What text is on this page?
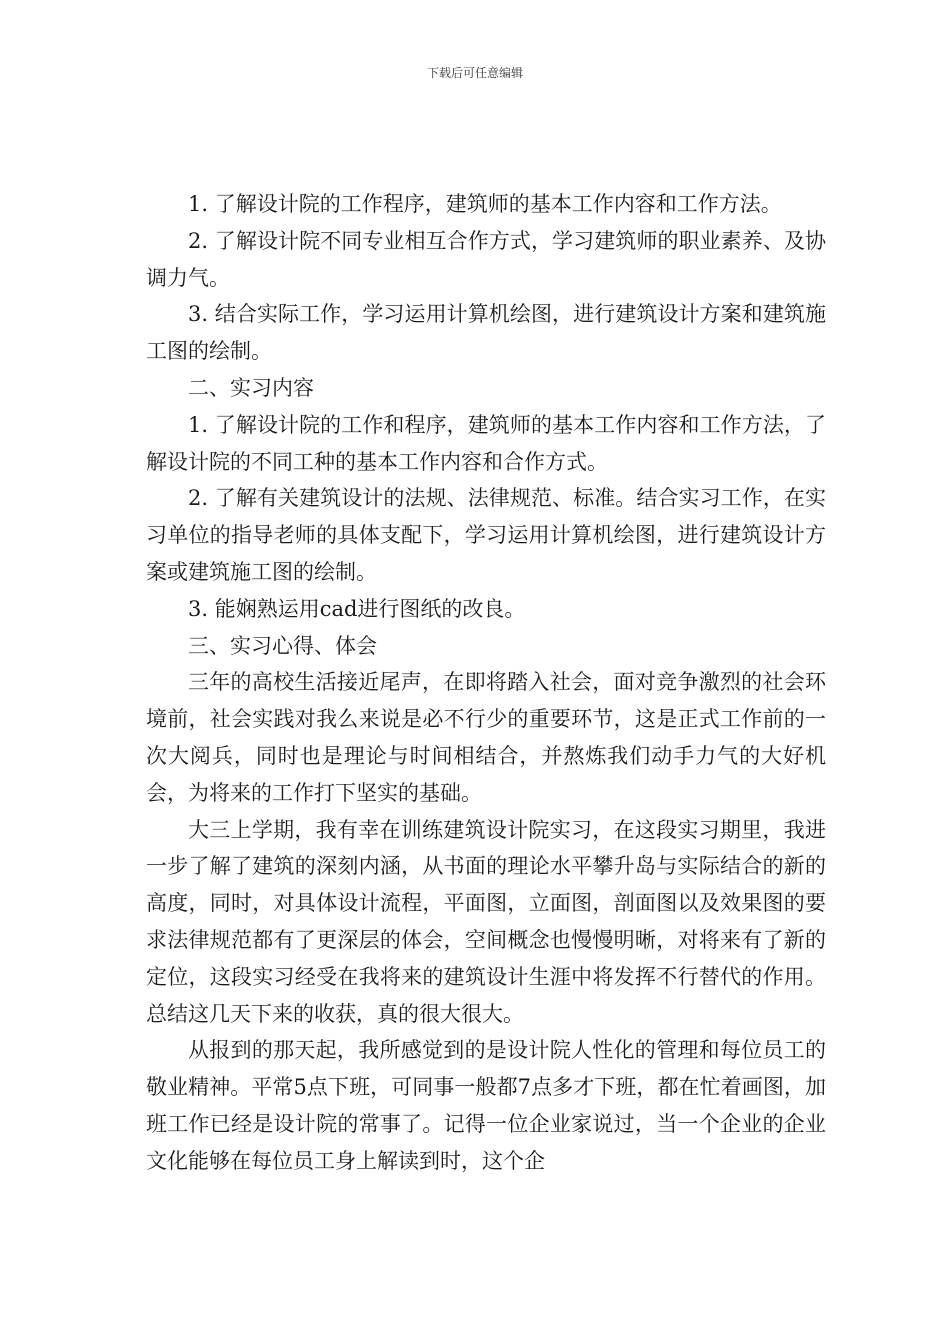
下载后可任意编辑

1. 了解设计院的工作程序，建筑师的基本工作内容和工作方法。

2. 了解设计院不同专业相互合作方式，学习建筑师的职业素养、及协调力气。

3. 结合实际工作，学习运用计算机绘图，进行建筑设计方案和建筑施工图的绘制。

二、实习内容

1. 了解设计院的工作和程序，建筑师的基本工作内容和工作方法，了解设计院的不同工种的基本工作内容和合作方式。

2. 了解有关建筑设计的法规、法律规范、标准。结合实习工作，在实习单位的指导老师的具体支配下，学习运用计算机绘图，进行建筑设计方案或建筑施工图的绘制。

3. 能娴熟运用cad进行图纸的改良。

三、实习心得、体会

三年的高校生活接近尾声，在即将踏入社会，面对竞争激烈的社会环境前，社会实践对我么来说是必不行少的重要环节，这是正式工作前的一次大阅兵，同时也是理论与时间相结合，并熬炼我们动手力气的大好机会，为将来的工作打下坚实的基础。

大三上学期，我有幸在训练建筑设计院实习，在这段实习期里，我进一步了解了建筑的深刻内涵，从书面的理论水平攀升岛与实际结合的新的高度，同时，对具体设计流程，平面图，立面图，剖面图以及效果图的要求法律规范都有了更深层的体会，空间概念也慢慢明晰，对将来有了新的定位，这段实习经受在我将来的建筑设计生涯中将发挥不行替代的作用。总结这几天下来的收获，真的很大很大。

从报到的那天起，我所感觉到的是设计院人性化的管理和每位员工的敬业精神。平常5点下班，可同事一般都7点多才下班，都在忙着画图，加班工作已经是设计院的常事了。记得一位企业家说过，当一个企业的企业文化能够在每位员工身上解读到时，这个企
